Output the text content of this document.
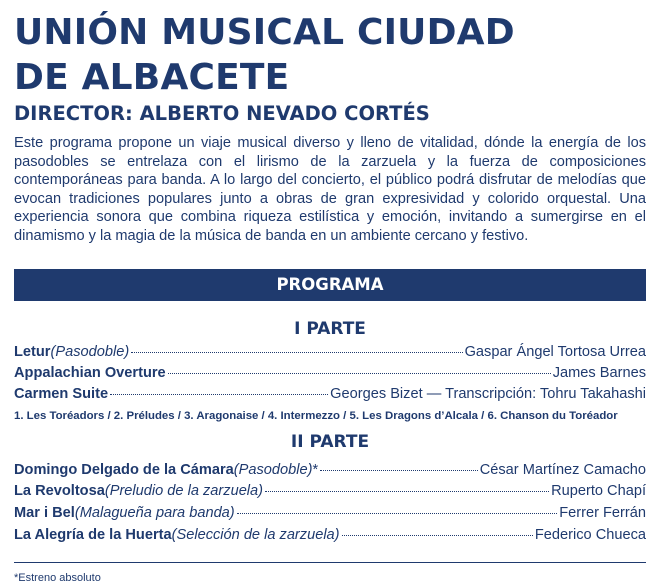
UNIÓN MUSICAL CIUDAD
DE ALBACETE
DIRECTOR: ALBERTO NEVADO CORTÉS

Este programa propone un viaje musical diverso y lleno de vitalidad, dónde la energía de los pasodobles se entrelaza con el lirismo de la zarzuela y la fuerza de composiciones contemporáneas para banda. A lo largo del concierto, el público podrá disfrutar de melodías que evocan tradiciones populares junto a obras de gran expresividad y colorido orquestal. Una experiencia sonora que combina riqueza estilística y emoción, invitando a sumergirse en el dinamismo y la magia de la música de banda en un ambiente cercano y festivo.

PROGRAMA
I PARTE
Letur (Pasodoble)	Gaspar Ángel Tortosa Urrea
Appalachian Overture	James Barnes
Carmen Suite	Georges Bizet — Transcripción: Tohru Takahashi
1. Les Toréadors / 2. Préludes / 3. Aragonaise / 4. Intermezzo / 5. Les Dragons d’Alcala / 6. Chanson du Toréador
II PARTE
Domingo Delgado de la Cámara (Pasodoble) *	César Martínez Camacho
La Revoltosa (Preludio de la zarzuela)	Ruperto Chapí
Mar i Bel (Malagueña para banda)	Ferrer Ferrán
La Alegría de la Huerta (Selección de la zarzuela)	Federico Chueca
*Estreno absoluto
